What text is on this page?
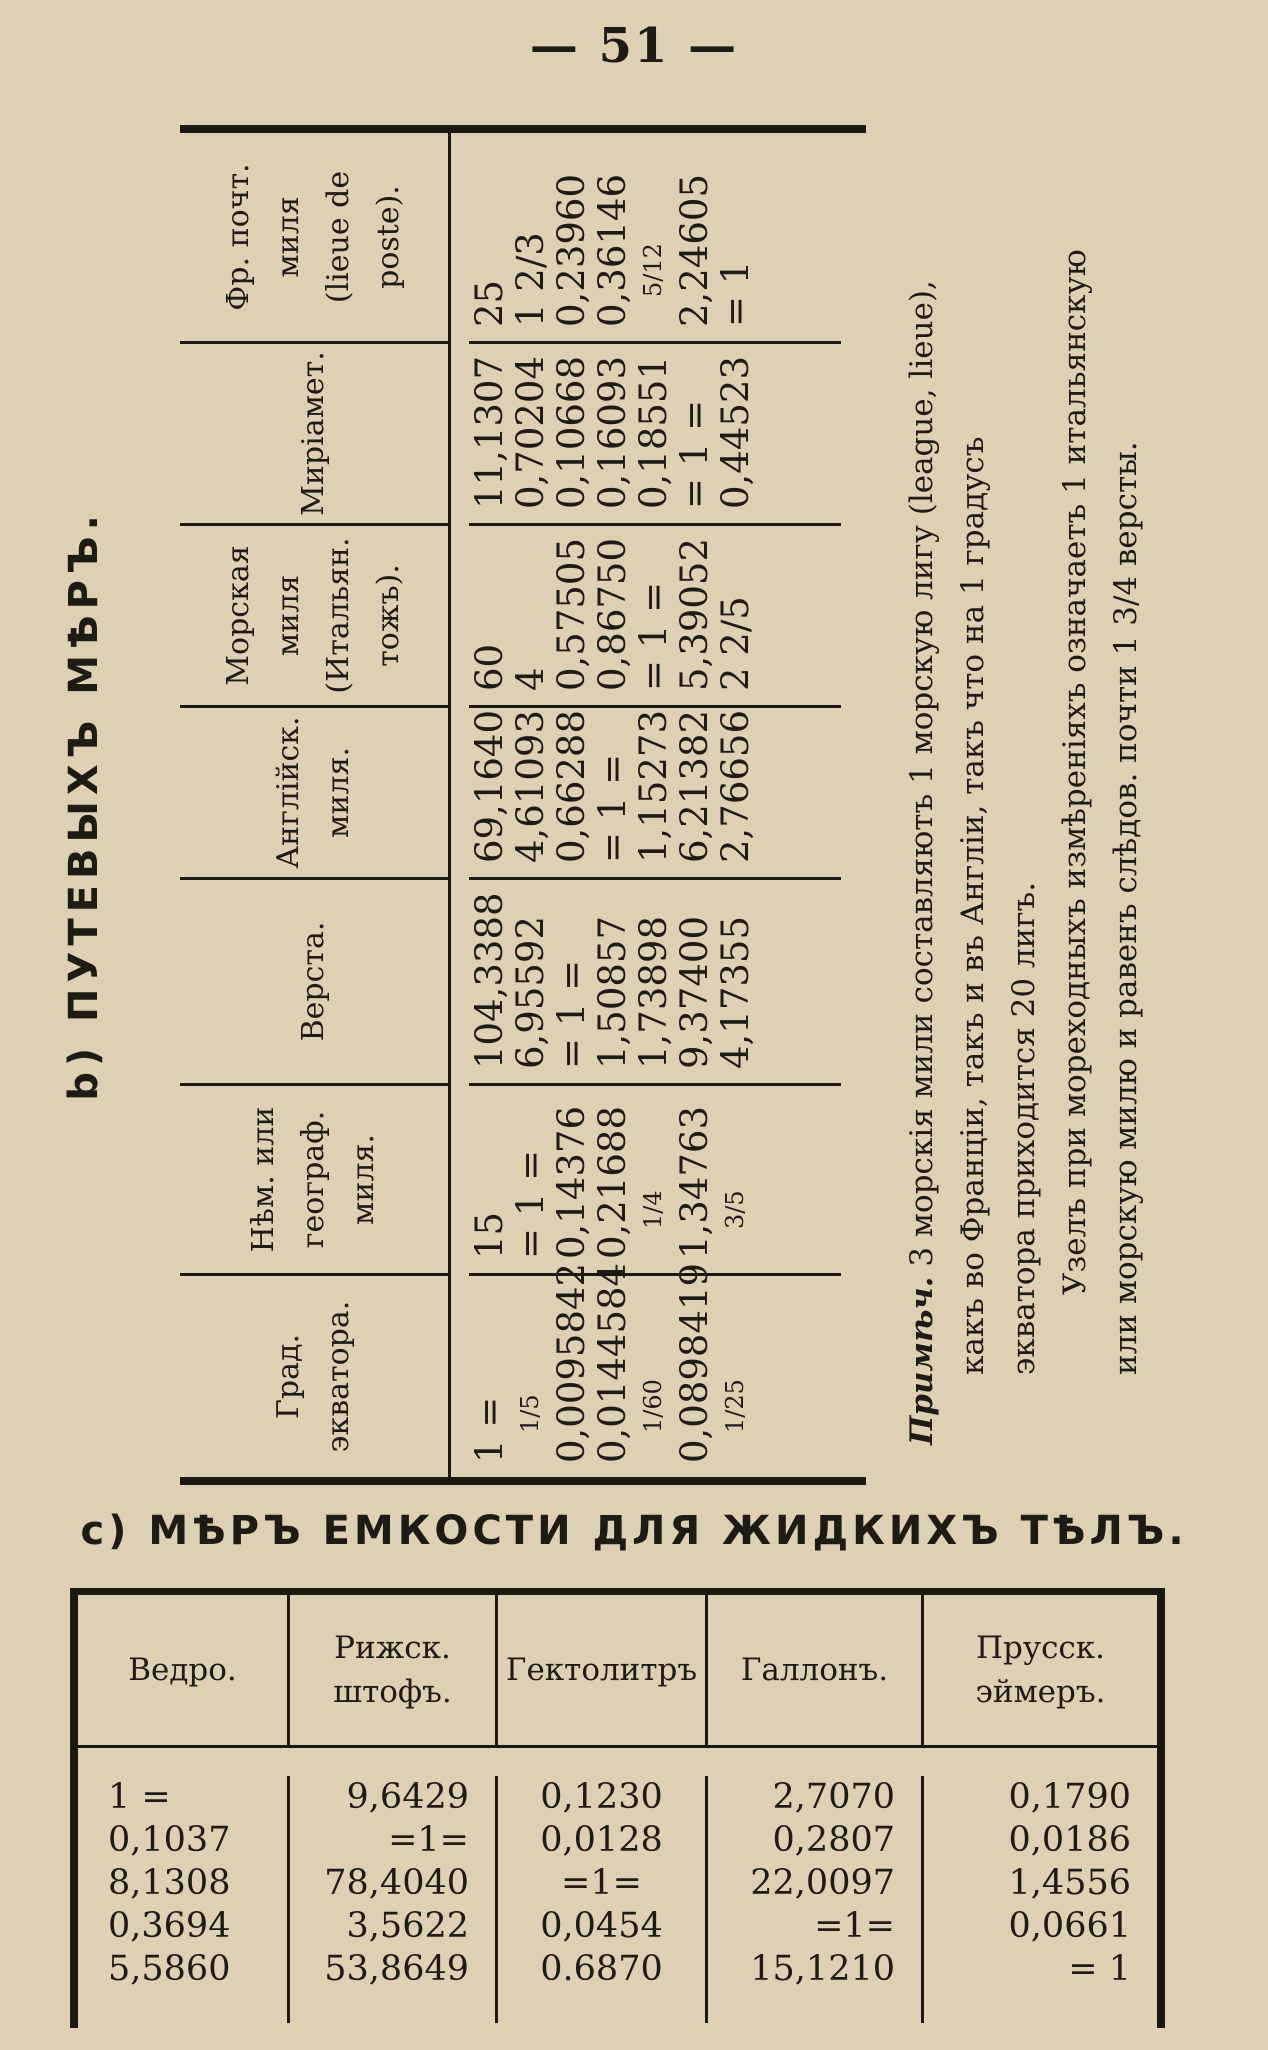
— 51 —
b) ПУТЕВЫХЪ МѢРЪ.
Град. экватора.
Нѣм. или географ. миля.
Верста.
Англійск. миля.
Морская миля (Итальян. тожъ).
Миріамет.
Фр. почт. миля (lieue de poste).
1 = 1/5 0,0095842
0,0144584 1/60 0,0898419 1/25
15
= 1 =
0,14376
0,21688 1/4 1,34763 3/5
104,3388
6,95592
= 1 =
1,50857
1,73898
9,37400
4,17355
69,1640
4,61093
0,66288
= 1 =
1,15273
6,21382
2,76656
60
4
0,57505
0,86750
= 1 =
5,39052
2 2/5
11,1307
0,70204
0,10668
0,16093
0,18551
= 1 =
0,44523
25
1 2/3
0,23960
0,36146 5/12 2,24605
= 1

Примѣч. 3 морскія мили составляютъ 1 морскую лигу (league, lieue), какъ во Франціи, такъ и въ Англіи, такъ что на 1 градусъ экватора приходится 20 лигъ. Узелъ при мореходныхъ измѣреніяхъ означаетъ 1 итальянскую или морскую милю и равенъ слѣдов. почти 1 3/4 версты.

с) МѢРЪ ЕМКОСТИ ДЛЯ ЖИДКИХЪ ТѢЛЪ.
Ведро.
Рижск.
штофъ.
Гектолитръ Галлонъ.
Прусск.
эймеръ.
1 =
0,1037
8,1308
0,3694
5,5860
9,6429
=1=
78,4040
3,5622
53,8649
0,1230
0,0128
=1=
0,0454
0.6870
2,7070
0,2807
22,0097
=1=
15,1210
0,1790
0,0186
1,4556
0,0661
= 1
